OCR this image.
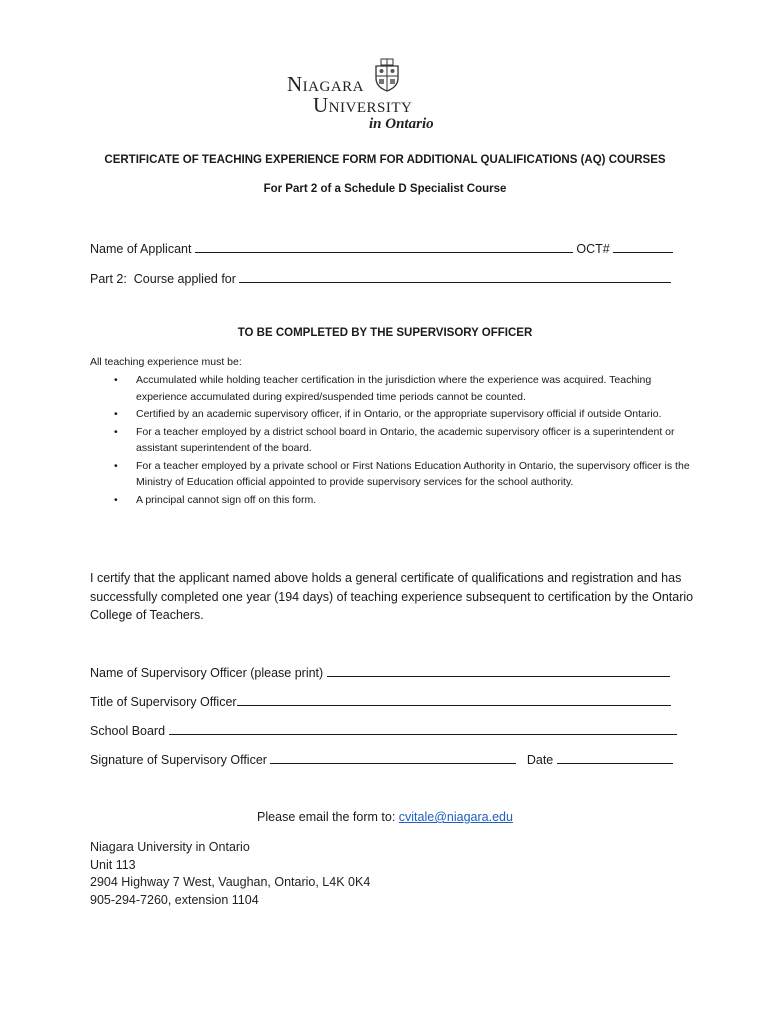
Niagara
University
in Ontario
CERTIFICATE OF TEACHING EXPERIENCE FORM FOR ADDITIONAL QUALIFICATIONS (AQ) COURSES
For Part 2 of a Schedule D Specialist Course
Name of Applicant	OCT#
Part 2:  Course applied for
TO BE COMPLETED BY THE SUPERVISORY OFFICER
All teaching experience must be:
• Accumulated while holding teacher certification in the jurisdiction where the experience was acquired. Teaching experience accumulated during expired/suspended time periods cannot be counted.
• Certified by an academic supervisory officer, if in Ontario, or the appropriate supervisory official if outside Ontario.
• For a teacher employed by a district school board in Ontario, the academic supervisory officer is a superintendent or assistant superintendent of the board.
• For a teacher employed by a private school or First Nations Education Authority in Ontario, the supervisory officer is the Ministry of Education official appointed to provide supervisory services for the school authority.
• A principal cannot sign off on this form.
I certify that the applicant named above holds a general certificate of qualifications and registration and has successfully completed one year (194 days) of teaching experience subsequent to certification by the Ontario College of Teachers.
Name of Supervisory Officer (please print)
Title of Supervisory Officer
School Board
Signature of Supervisory Officer	Date
Please email the form to: cvitale@niagara.edu
Niagara University in Ontario
Unit 113
2904 Highway 7 West, Vaughan, Ontario, L4K 0K4
905-294-7260, extension 1104
